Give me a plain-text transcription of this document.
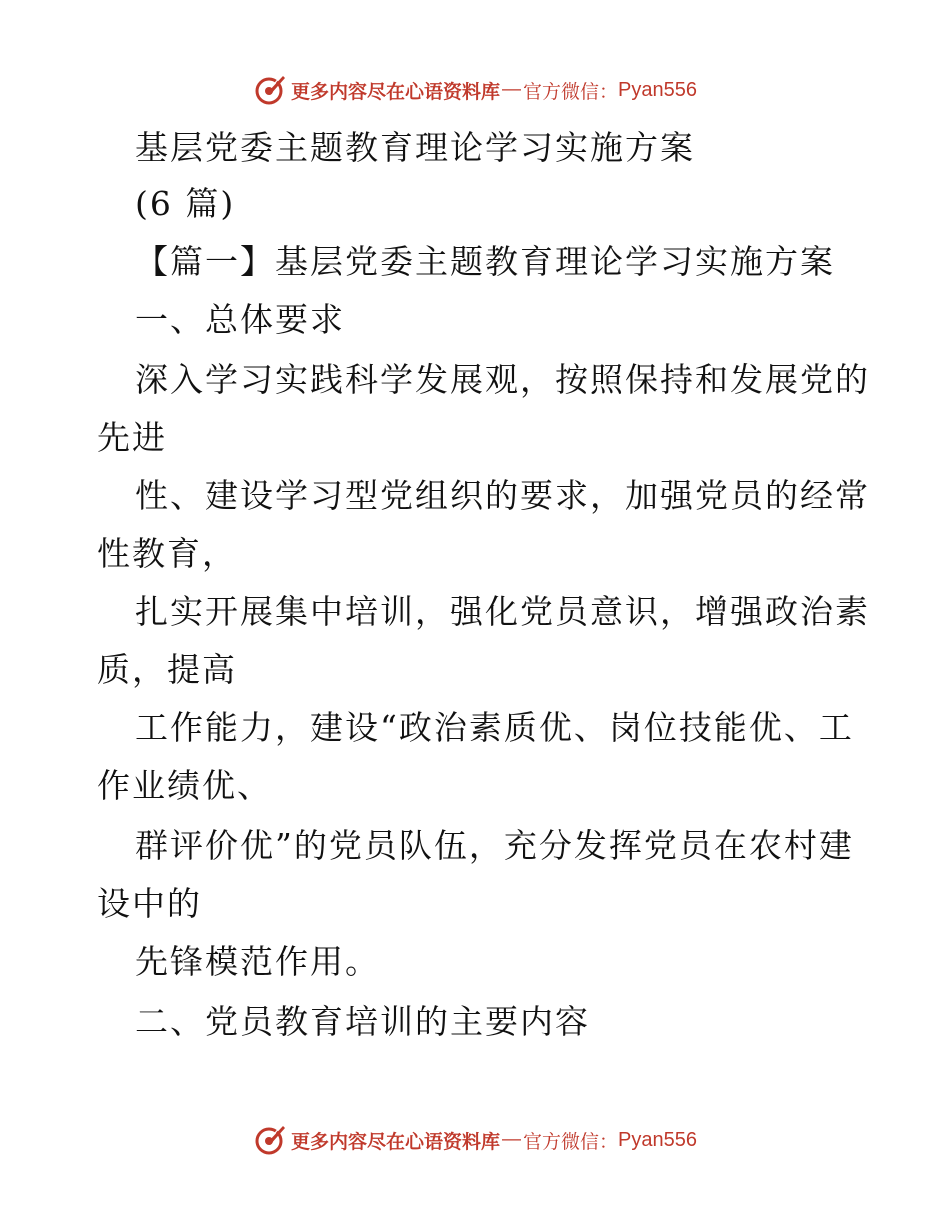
更多内容尽在心语资料库 — 官方微信： Pyan556
基层党委主题教育理论学习实施方案
(6 篇)
【篇一】基层党委主题教育理论学习实施方案
一、总体要求
深入学习实践科学发展观，按照保持和发展党的
先进
性、建设学习型党组织的要求，加强党员的经常
性教育，
扎实开展集中培训，强化党员意识，增强政治素
质，提高
工作能力，建设“政治素质优、岗位技能优、工
作业绩优、
群评价优”的党员队伍，充分发挥党员在农村建
设中的
先锋模范作用。
二、党员教育培训的主要内容
更多内容尽在心语资料库 — 官方微信： Pyan556
